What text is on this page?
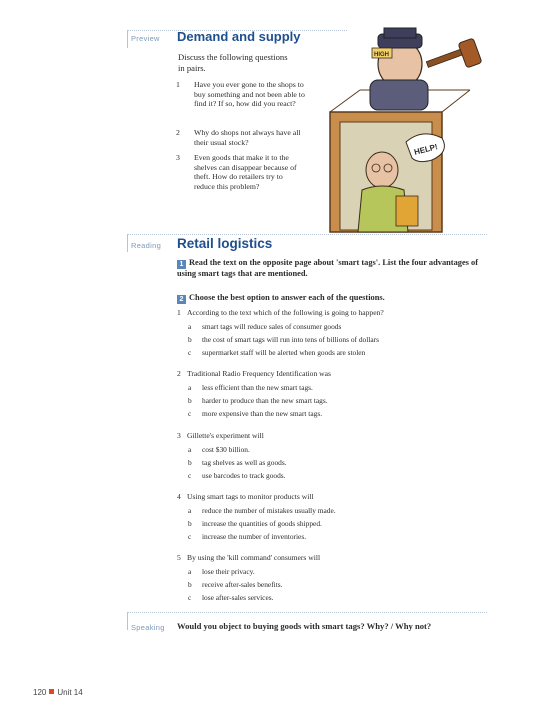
Preview Demand and supply
Discuss the following questions in pairs.
1	Have you ever gone to the shops to buy something and not been able to find it? If so, how did you react?
2	Why do shops not always have all their usual stock?
3	Even goods that make it to the shelves can disappear because of theft. How do retailers try to reduce this problem?
HIGH
HELP!
Reading Retail logistics
1 Read the text on the opposite page about 'smart tags'. List the four advantages of using smart tags that are mentioned.
2 Choose the best option to answer each of the questions.
1 According to the text which of the following is going to happen?
a smart tags will reduce sales of consumer goods
b the cost of smart tags will run into tens of billions of dollars
c supermarket staff will be alerted when goods are stolen
2 Traditional Radio Frequency Identification was
a less efficient than the new smart tags.
b harder to produce than the new smart tags.
c more expensive than the new smart tags.
3 Gillette's experiment will
a cost $30 billion.
b tag shelves as well as goods.
c use barcodes to track goods.
4 Using smart tags to monitor products will
a reduce the number of mistakes usually made.
b increase the quantities of goods shipped.
c increase the number of inventories.
5 By using the 'kill command' consumers will
a lose their privacy.
b receive after-sales benefits.
c lose after-sales services.
Speaking Would you object to buying goods with smart tags? Why? / Why not?
120 Unit 14
